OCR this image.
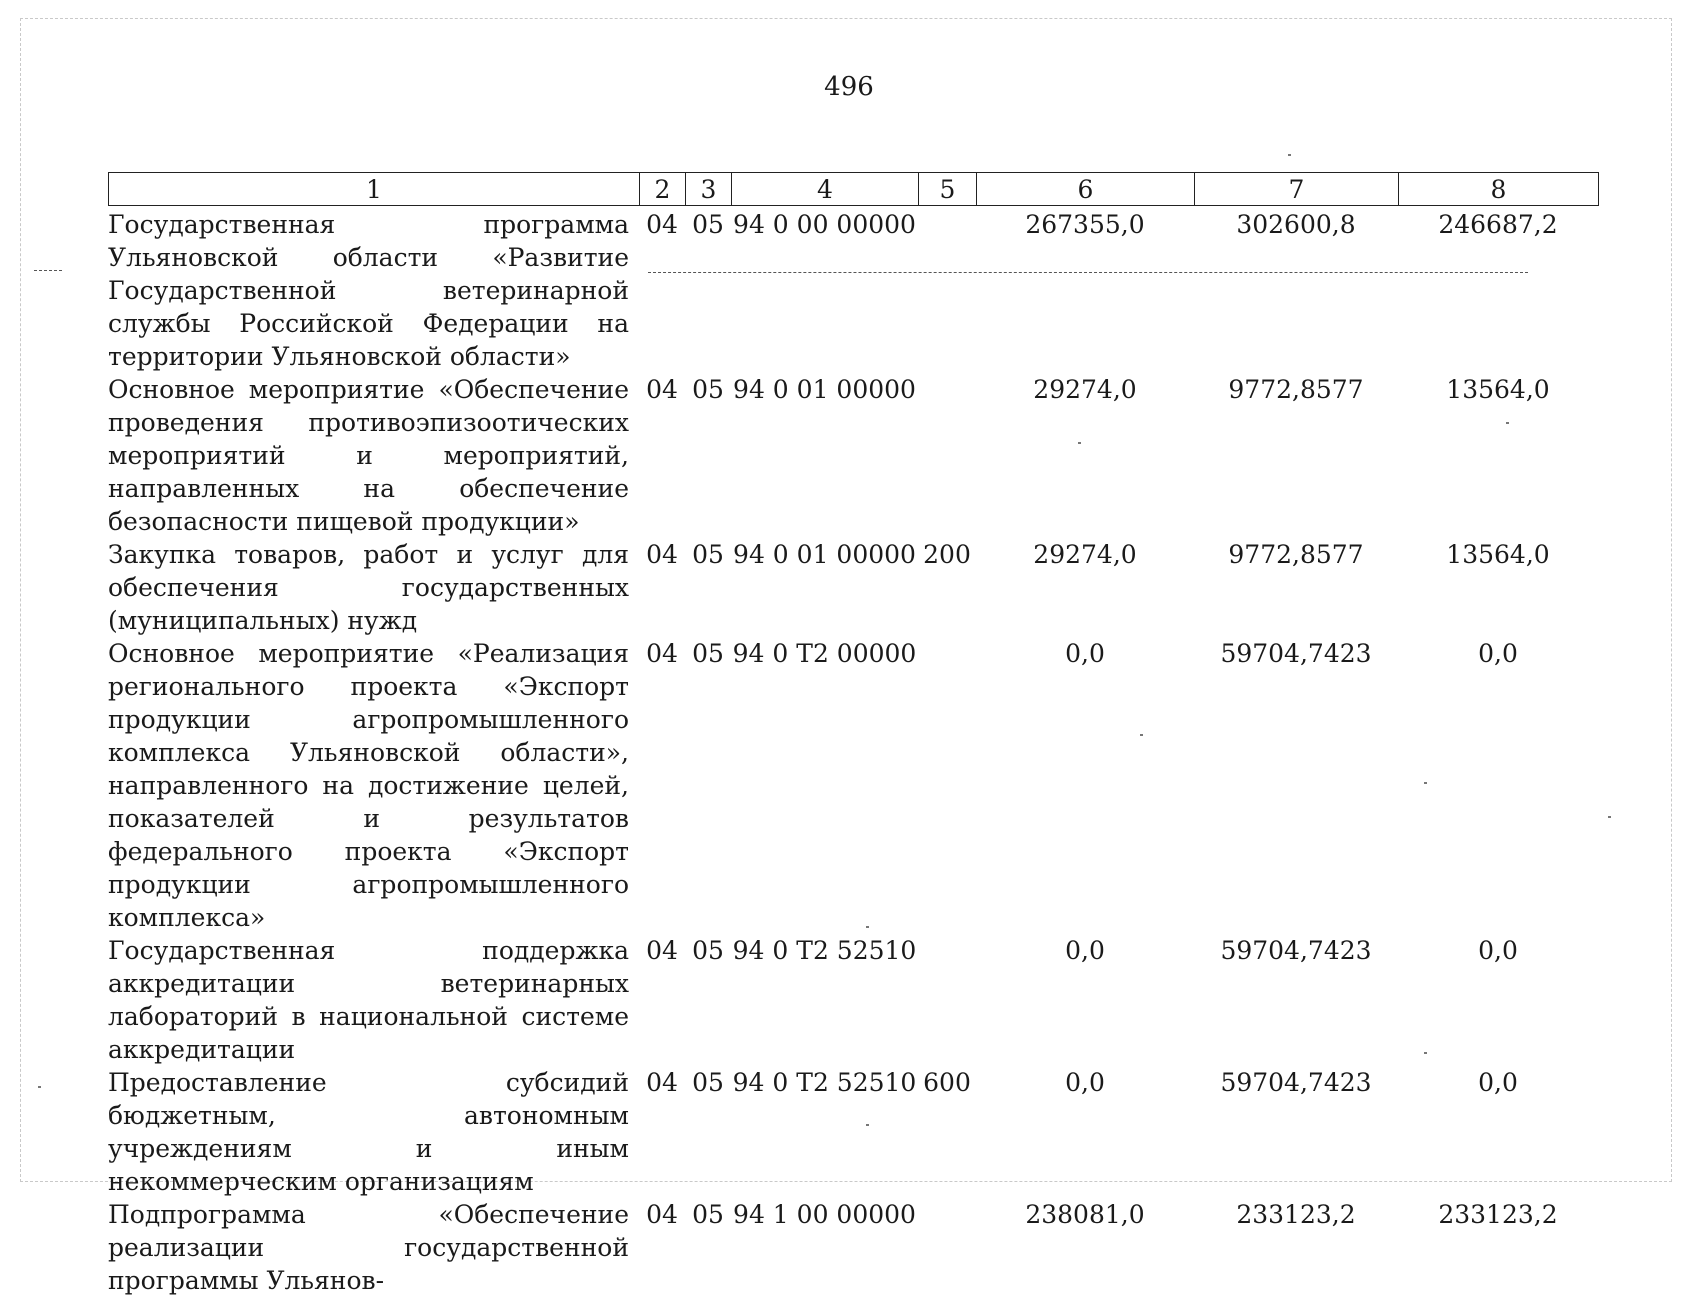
496
1	2	3	4	5	6	7	8
Государственная программа Ульяновской области «Развитие Государственной ветеринарной службы Российской Федерации на территории Ульяновской области»	04	05	94 0 00 00000		267355,0	302600,8	246687,2
Основное мероприятие «Обеспечение проведения противоэпизоотических мероприятий и мероприятий, направленных на обеспечение безопасности пищевой продукции»	04	05	94 0 01 00000		29274,0	9772,8577	13564,0
Закупка товаров, работ и услуг для обеспечения государственных (муниципальных) нужд	04	05	94 0 01 00000	200	29274,0	9772,8577	13564,0
Основное мероприятие «Реализация регионального проекта «Экспорт продукции агропромышленного комплекса Ульяновской области», направленного на достижение целей, показателей и результатов федерального проекта «Экспорт продукции агропромышленного комплекса»	04	05	94 0 T2 00000		0,0	59704,7423	0,0
Государственная поддержка аккредитации ветеринарных лабораторий в национальной системе аккредитации	04	05	94 0 T2 52510		0,0	59704,7423	0,0
Предоставление субсидий бюджетным, автономным учреждениям и иным некоммерческим организациям	04	05	94 0 T2 52510	600	0,0	59704,7423	0,0
Подпрограмма «Обеспечение реализации государственной программы Ульянов-	04	05	94 1 00 00000		238081,0	233123,2	233123,2
